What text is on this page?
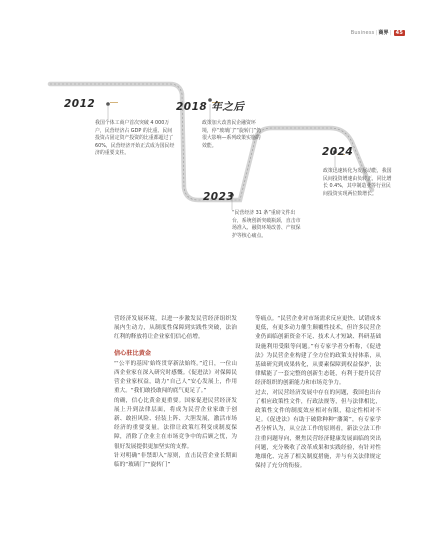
Business|商界| 45
2012
我国个体工商户首次突破 4 000万户，民营经济占 GDP 的比重、民间投资占固定资产投资的比重都超过了 60%，民营经济开始正式成为国民经济的重要支柱。
2018 年之后
政策加大改善民企融资环境，停“玻璃门”“旋转门”仍很大影响—系列政策实施的效能。
2023
“民营经济 31 条”重磅文件出台，系统创新突破瓶颈，直击市场准入、融资环境改善、产权保护等核心痛点。
2024
政策迅速转化为发展动能，我国民间投资增速由负转正，同比增长 0.4%，其中制造业等行业民间投资实现两位数增长。

营经济发展环境，以进一步激发民营经济组织发展内生动力，从制度性保障到实践性突破，法治红利的释放将让企业家们信心倍增。

信心驻比黄金

“‘公平的基因’始终贯穿新法始终。”近日，一位山西企业家在深入研究时感慨。《促进法》对保障民营企业家权益，助力“自己人”安心发展上，作用重大。“我们敢投敢闯的底气更足了。”

的确，信心比黄金更重要。国家促进民营经济发展上升到法律层面，将成为民营企业家敢于创新、敢担风险、轻装上阵、大胆发展，激活市场经济的重要变量。法律让政策红利变成制度保障，消除了企业主在市场竞争中的后顾之忧，为很好发展提供更加坚实的支撑。

针对明确“非禁即入”原则，直击民营企业长期面临的“玻璃门”“旋转门”

等痛点。“民营企业对市场需求反应更快、试错成本更低，有更多动力催生颠覆性技术，但许多民营企业仍面临创新资金不足、技术人才短缺、科研基础设施利用受限等问题。”有专家学者分析称，《促进法》为民营企业构建了全方位的政策支持体系，从基础研究到成果转化，从要素保障到权益保护，法律赋能了一套完整的创新生态链，有利于提升民营经济组织的创新能力和市场竞争力。

过去，对民营经济发展中存在的问题，我国也出台了相应政策性文件，行政法规等，但与法律相比，政策性文件的制度效应相对有限，稳定性相对不足。《促进法》有助于破除种种“藩篱”，有专家学者分析认为，从立法工作的原则看，新法立法工作注重问题导向，聚焦民营经济健康发展面临的突出问题，充分吸收了改革成果和实践经验，有针对性地细化、完善了相关制度措施，并与有关法律规定保持了充分的衔接。
